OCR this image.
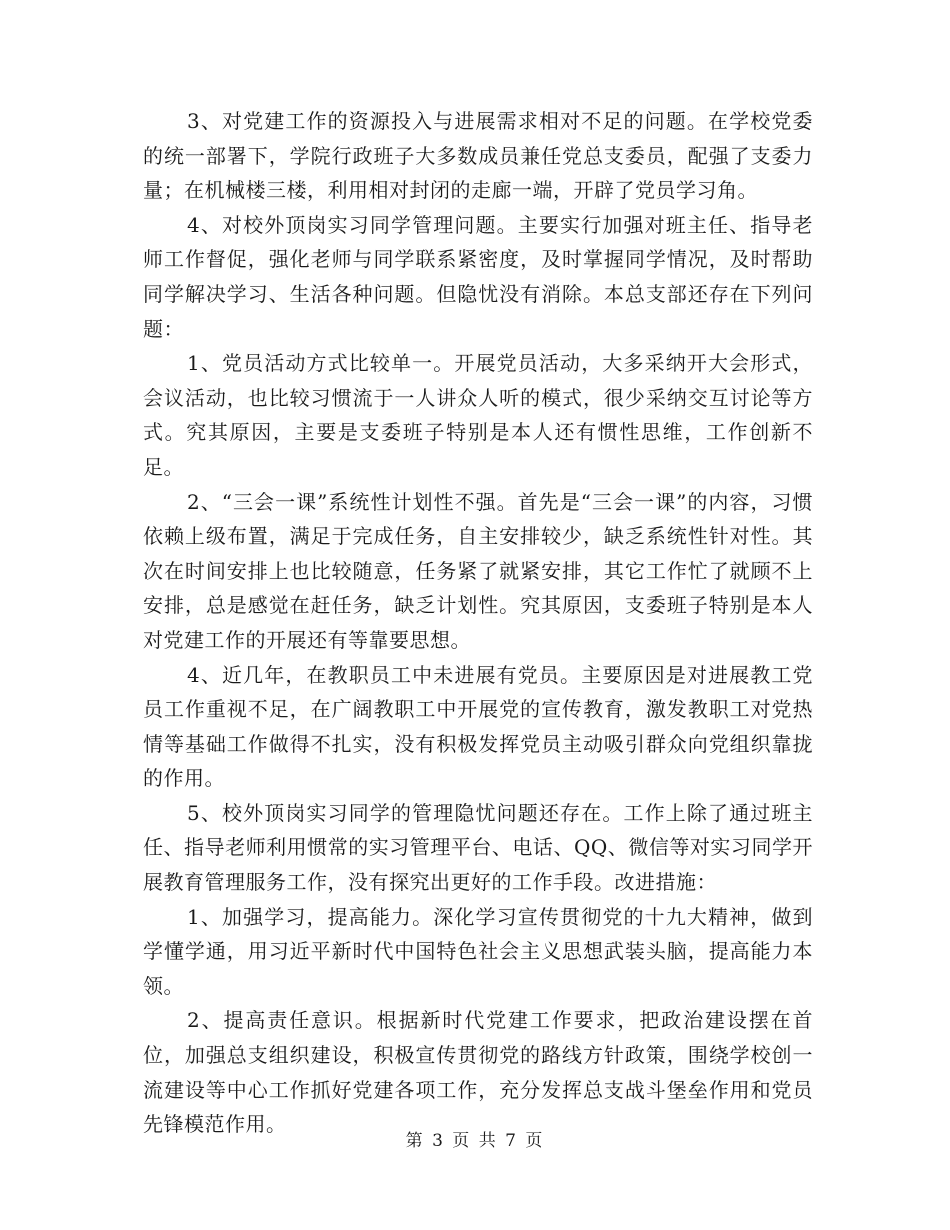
3、对党建工作的资源投入与进展需求相对不足的问题。在学校党委的统一部署下，学院行政班子大多数成员兼任党总支委员，配强了支委力量；在机械楼三楼，利用相对封闭的走廊一端，开辟了党员学习角。

4、对校外顶岗实习同学管理问题。主要实行加强对班主任、指导老师工作督促，强化老师与同学联系紧密度，及时掌握同学情况，及时帮助同学解决学习、生活各种问题。但隐忧没有消除。本总支部还存在下列问题：

1、党员活动方式比较单一。开展党员活动，大多采纳开大会形式，会议活动，也比较习惯流于一人讲众人听的模式，很少采纳交互讨论等方式。究其原因，主要是支委班子特别是本人还有惯性思维，工作创新不足。

2、“三会一课”系统性计划性不强。首先是“三会一课”的内容，习惯依赖上级布置，满足于完成任务，自主安排较少，缺乏系统性针对性。其次在时间安排上也比较随意，任务紧了就紧安排，其它工作忙了就顾不上安排，总是感觉在赶任务，缺乏计划性。究其原因，支委班子特别是本人对党建工作的开展还有等靠要思想。

4、近几年，在教职员工中未进展有党员。主要原因是对进展教工党员工作重视不足，在广阔教职工中开展党的宣传教育，激发教职工对党热情等基础工作做得不扎实，没有积极发挥党员主动吸引群众向党组织靠拢的作用。

5、校外顶岗实习同学的管理隐忧问题还存在。工作上除了通过班主任、指导老师利用惯常的实习管理平台、电话、QQ、微信等对实习同学开展教育管理服务工作，没有探究出更好的工作手段。改进措施：

1、加强学习，提高能力。深化学习宣传贯彻党的十九大精神，做到学懂学通，用习近平新时代中国特色社会主义思想武装头脑，提高能力本领。

2、提高责任意识。根据新时代党建工作要求，把政治建设摆在首位，加强总支组织建设，积极宣传贯彻党的路线方针政策，围绕学校创一流建设等中心工作抓好党建各项工作，充分发挥总支战斗堡垒作用和党员先锋模范作用。

第 3 页 共 7 页
